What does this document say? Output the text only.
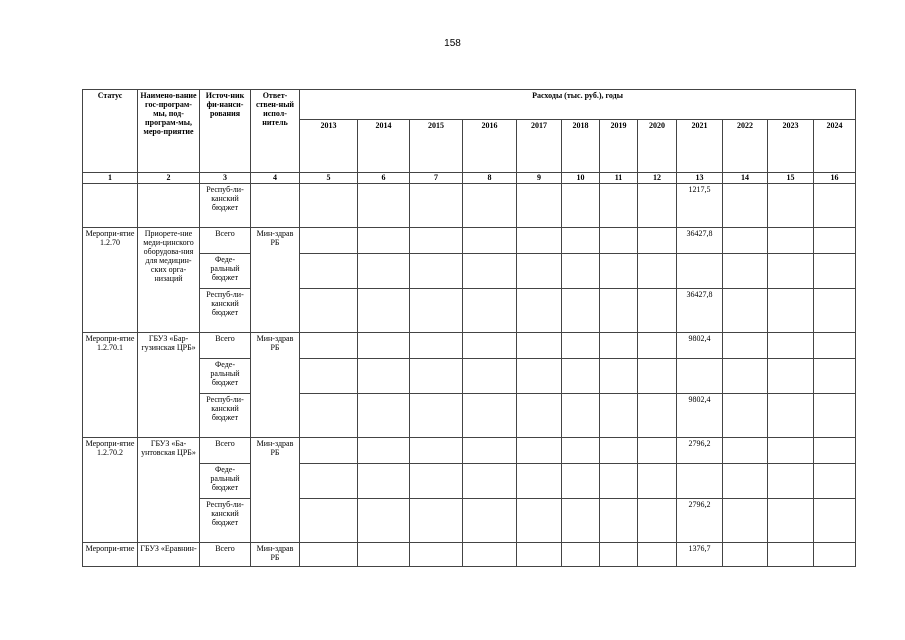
158
Статус	Наимено-вание гос-програм-мы, под-програм-мы, меро-приятие	Источ-ник фи-нанси-рования	Ответ-ствен-ный испол-нитель	Расходы (тыс. руб.), годы											
				2013	2014	2015	2016	2017	2018	2019	2020	2021	2022	2023	2024
1	2	3	4	5	6	7	8	9	10	11	12	13	14	15	16
		Респуб-ли-канский бюджет										1217,5			
Меропри-ятие 1.2.70	Приорете-ние меди-цинского оборудова-ния для медицин-ских орга-низаций	Всего	Мин-здрав РБ									36427,8			
		Феде-ральный бюджет													
		Респуб-ли-канский бюджет										36427,8			
Меропри-ятие 1.2.70.1	ГБУЗ «Бар-гузинская ЦРБ»	Всего	Мин-здрав РБ									9802,4			
		Феде-ральный бюджет													
		Респуб-ли-канский бюджет										9802,4			
Меропри-ятие 1.2.70.2	ГБУЗ «Ба-унтовская ЦРБ»	Всего	Мин-здрав РБ									2796,2			
		Феде-ральный бюджет													
		Респуб-ли-канский бюджет										2796,2			
Меропри-ятие	ГБУЗ «Еравнин-	Всего	Мин-здрав РБ									1376,7			
